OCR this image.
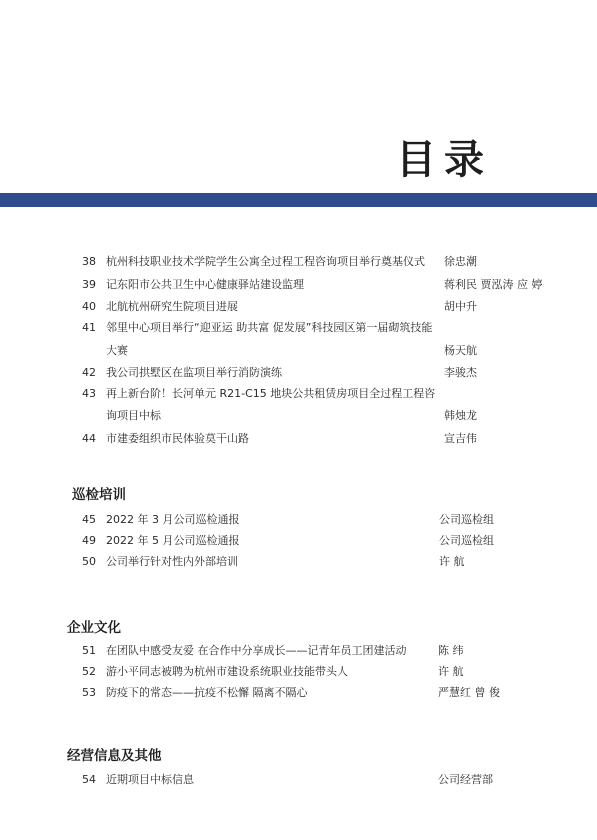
目录
38 杭州科技职业技术学院学生公寓全过程工程咨询项目举行奠基仪式 徐忠潮
39 记东阳市公共卫生中心健康驿站建设监理	蒋利民 贾泓涛 应 婷
40 北航杭州研究生院项目进展	胡中升
41 邻里中心项目举行“迎亚运 助共富 促发展”科技园区第一届砌筑技能
大赛	杨天航
42 我公司拱墅区在监项目举行消防演练	李骏杰
43 再上新台阶！长河单元 R21-C15 地块公共租赁房项目全过程工程咨
询项目中标	韩烛龙
44 市建委组织市民体验莫干山路	宣吉伟
巡检培训
45 2022 年 3 月公司巡检通报	公司巡检组
49 2022 年 5 月公司巡检通报	公司巡检组
50 公司举行针对性内外部培训	许 航
企业文化
51 在团队中感受友爱 在合作中分享成长——记青年员工团建活动	陈 纬
52 游小平同志被聘为杭州市建设系统职业技能带头人	许 航
53 防疫下的常态——抗疫不松懈 隔离不隔心	严慧红 曾 俊
经营信息及其他
54 近期项目中标信息	公司经营部
